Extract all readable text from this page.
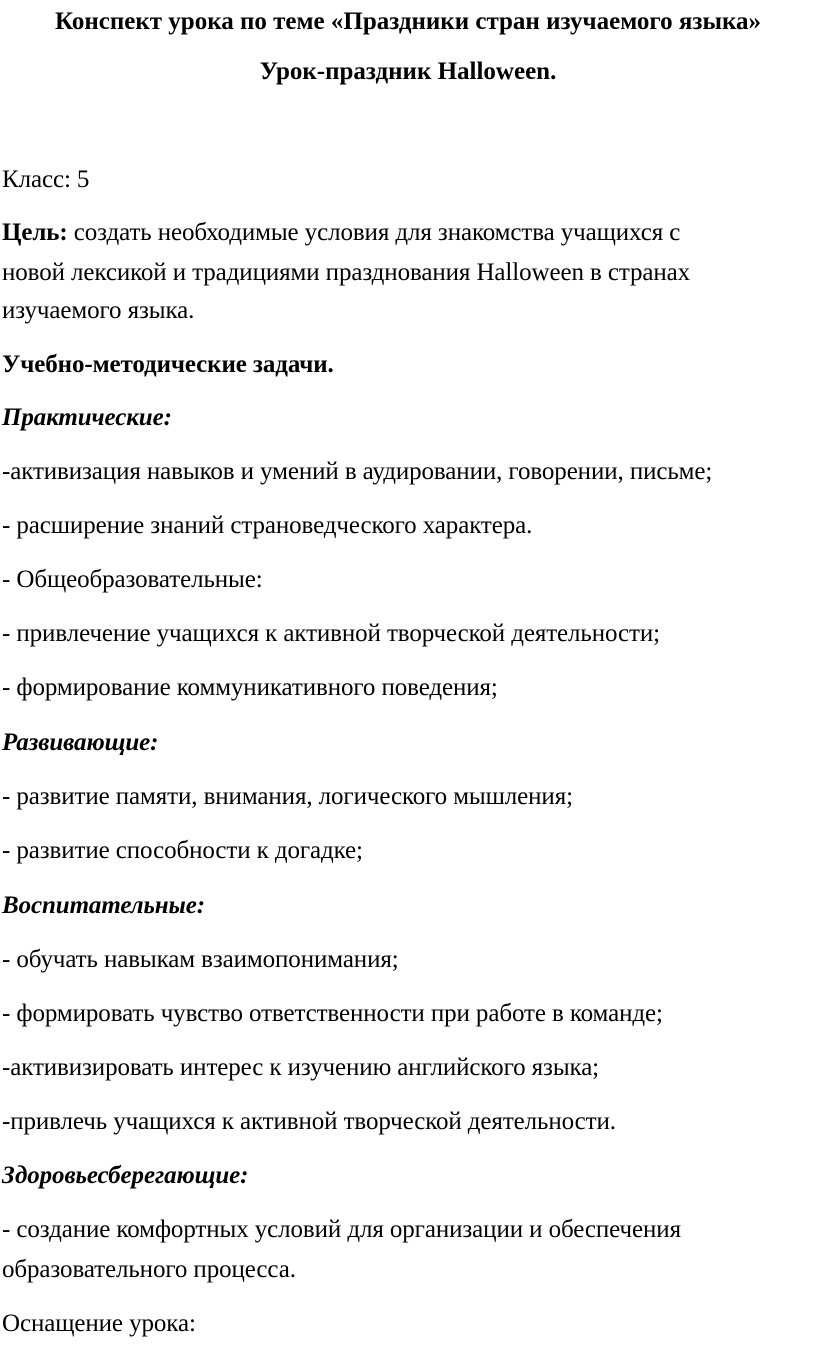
Конспект урока по теме «Праздники стран изучаемого языка»
Урок-праздник Halloween.
Класс: 5
Цель: создать необходимые условия для знакомства учащихся с
новой лексикой и традициями празднования Halloween в странах
изучаемого языка.
Учебно-методические задачи.
Практические:
-активизация навыков и умений в аудировании, говорении, письме;
- расширение знаний страноведческого характера.
- Общеобразовательные:
- привлечение учащихся к активной творческой деятельности;
- формирование коммуникативного поведения;
Развивающие:
- развитие памяти, внимания, логического мышления;
- развитие способности к догадке;
Воспитательные:
- обучать навыкам взаимопонимания;
- формировать чувство ответственности при работе в команде;
-активизировать интерес к изучению английского языка;
-привлечь учащихся к активной творческой деятельности.
Здоровьесберегающие:
- создание комфортных условий для организации и обеспечения
образовательного процесса.
Оснащение урока:
